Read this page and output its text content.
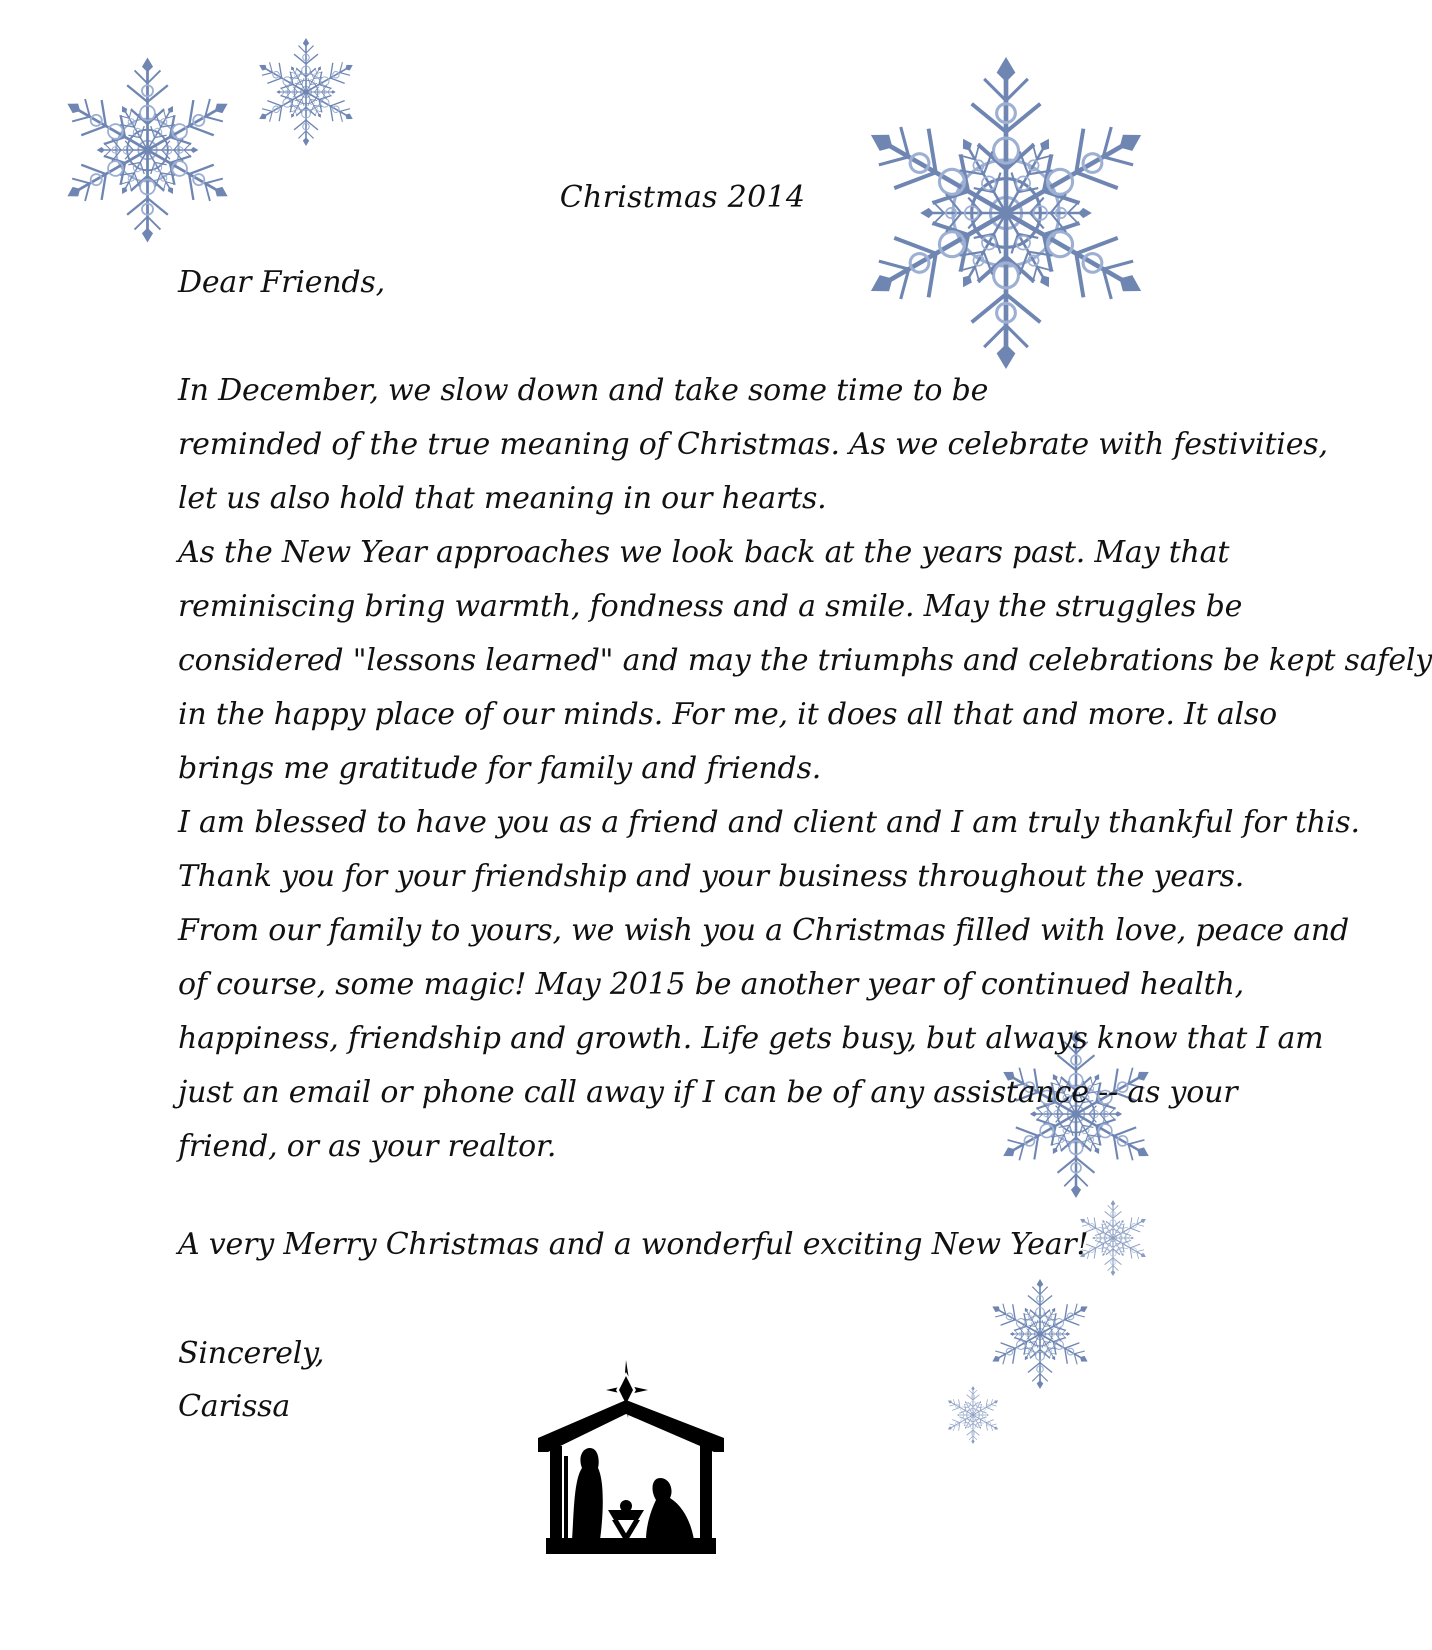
Christmas 2014
Dear Friends,
In December, we slow down and take some time to be
reminded of the true meaning of Christmas. As we celebrate with festivities,
let us also hold that meaning in our hearts.
As the New Year approaches we look back at the years past. May that
reminiscing bring warmth, fondness and a smile. May the struggles be
considered "lessons learned" and may the triumphs and celebrations be kept safely
in the happy place of our minds. For me, it does all that and more. It also
brings me gratitude for family and friends.
I am blessed to have you as a friend and client and I am truly thankful for this.
Thank you for your friendship and your business throughout the years.
From our family to yours, we wish you a Christmas filled with love, peace and
of course, some magic! May 2015 be another year of continued health,
happiness, friendship and growth. Life gets busy, but always know that I am
just an email or phone call away if I can be of any assistance -- as your
friend, or as your realtor.
A very Merry Christmas and a wonderful exciting New Year!
Sincerely,
Carissa
